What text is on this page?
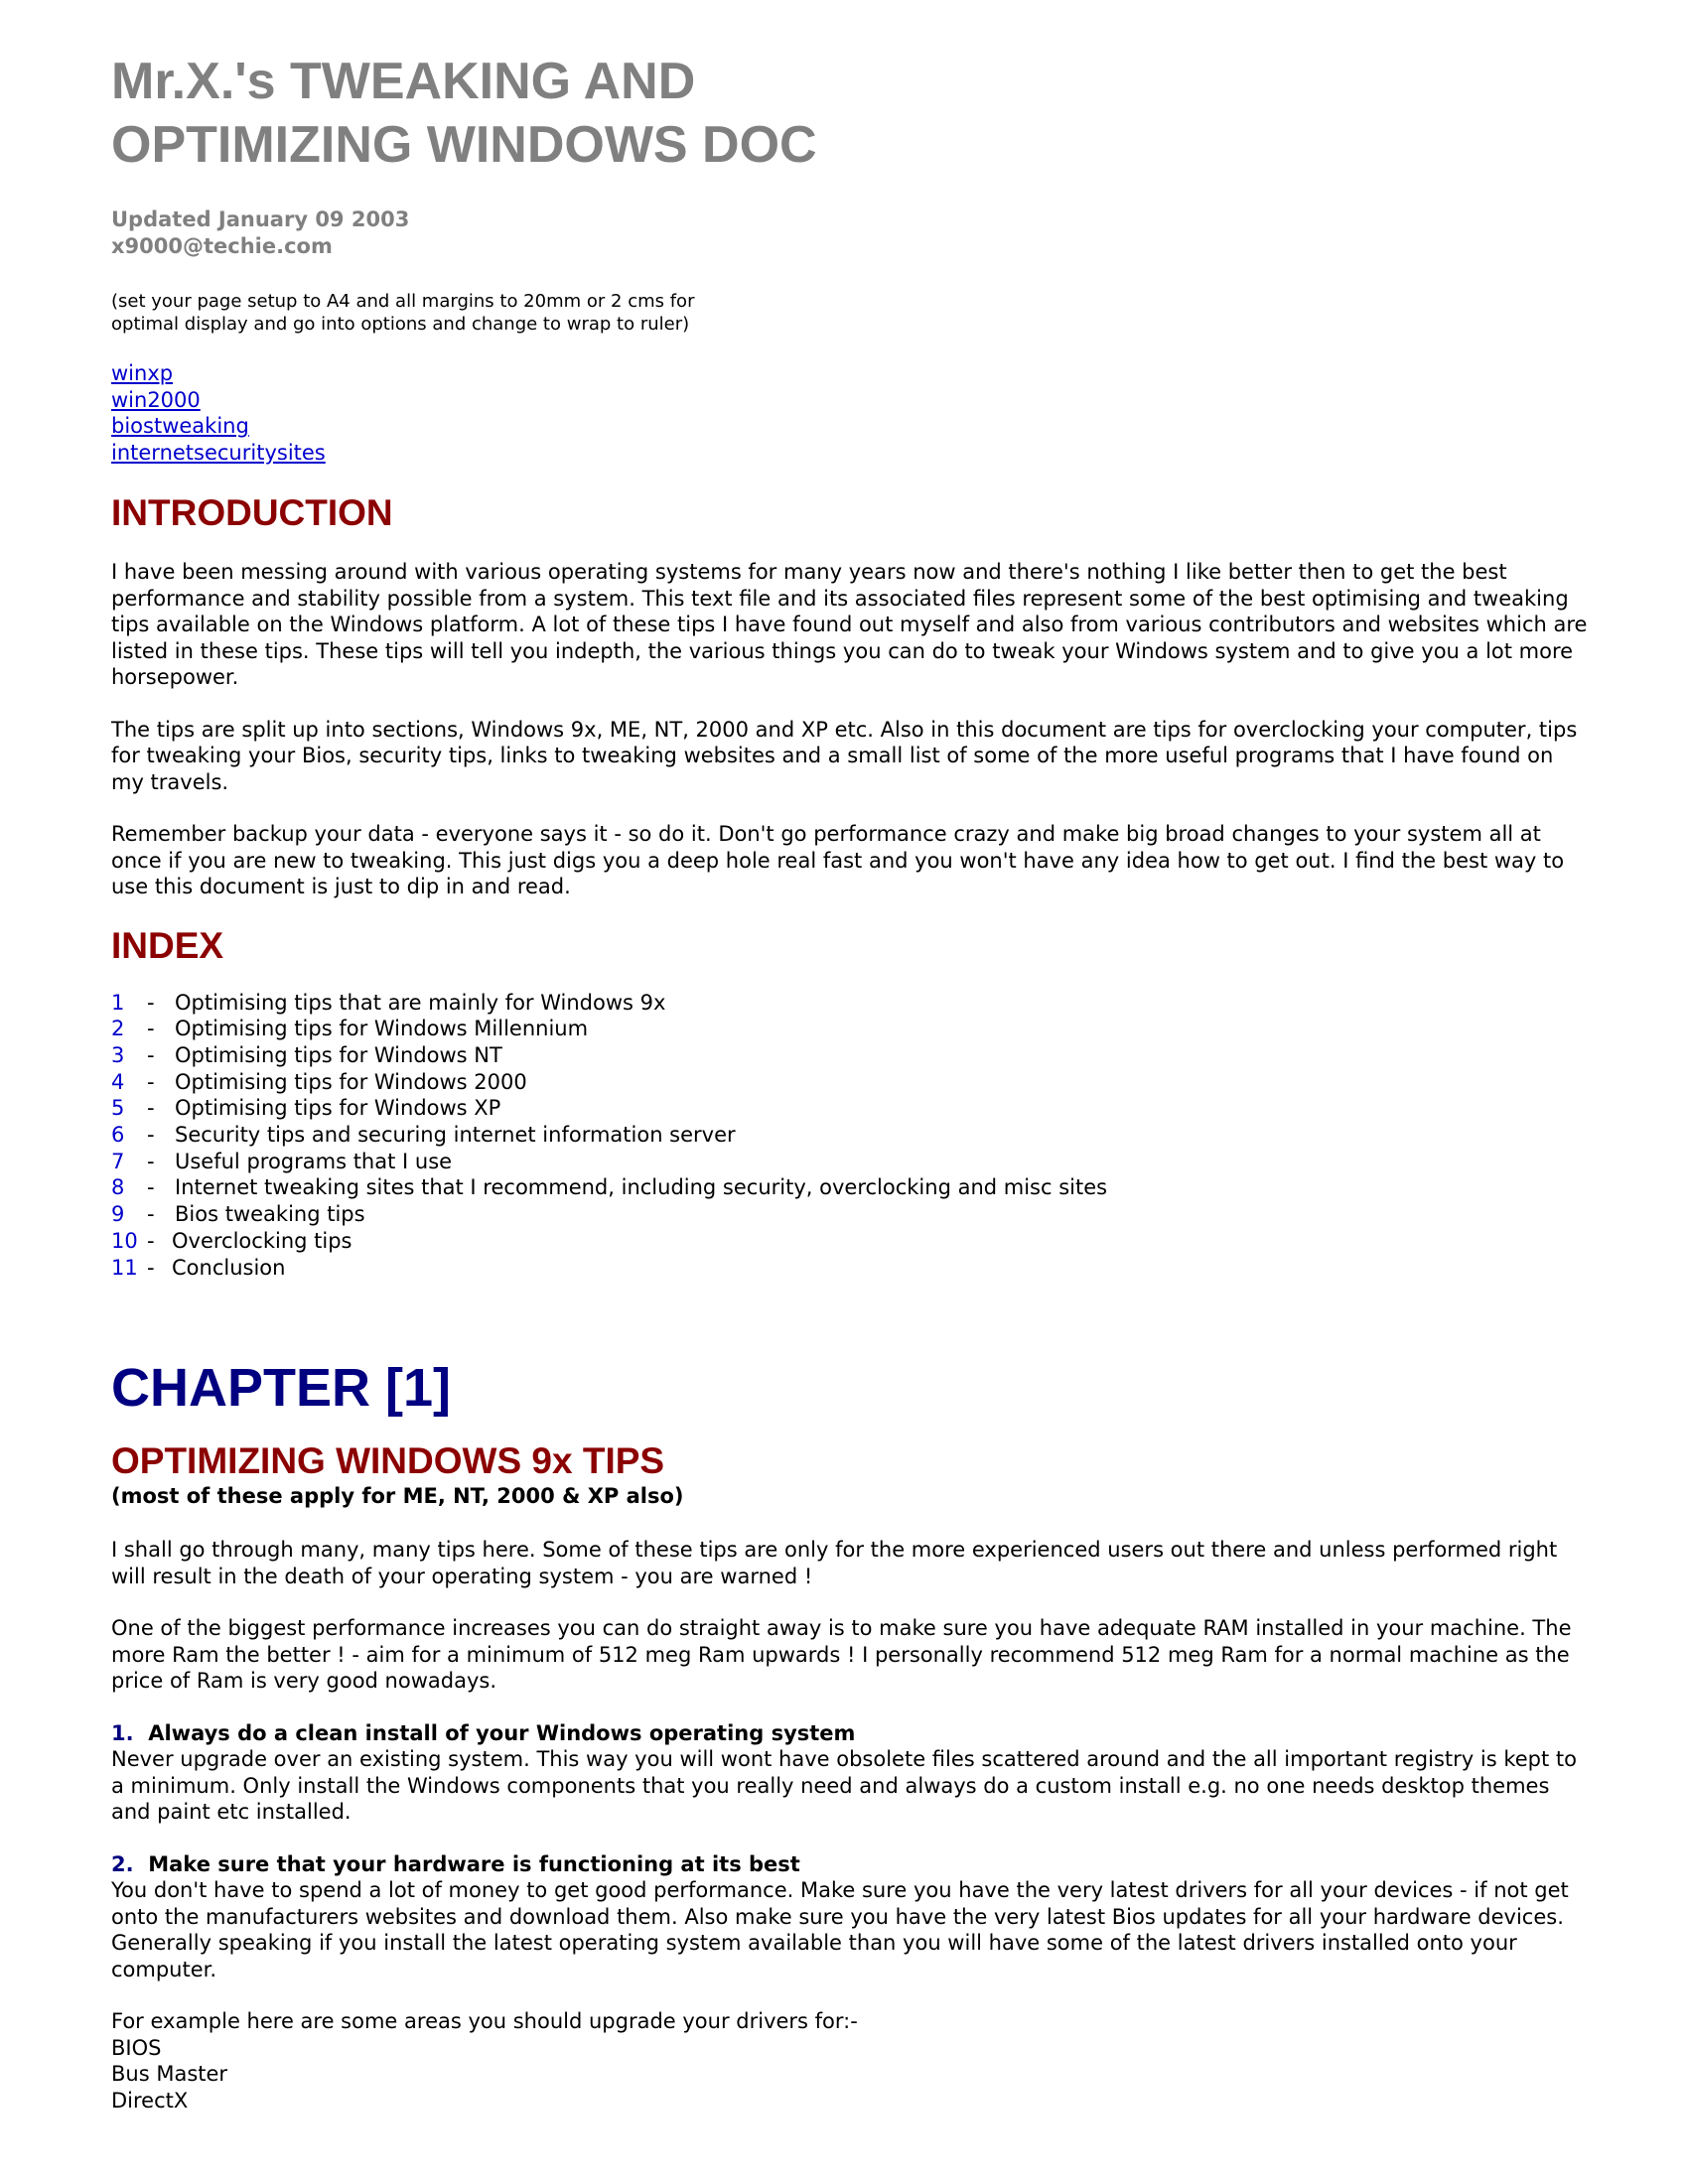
Mr.X.'s TWEAKING AND
OPTIMIZING WINDOWS DOC
Updated January 09 2003
x9000@techie.com
(set your page setup to A4 and all margins to 20mm or 2 cms for
optimal display and go into options and change to wrap to ruler)
winxp
win2000
biostweaking
internetsecuritysites
INTRODUCTION

I have been messing around with various operating systems for many years now and there's nothing I like better then to get the best performance and stability possible from a system. This text file and its associated files represent some of the best optimising and tweaking tips available on the Windows platform. A lot of these tips I have found out myself and also from various contributors and websites which are listed in these tips. These tips will tell you indepth, the various things you can do to tweak your Windows system and to give you a lot more horsepower.

The tips are split up into sections, Windows 9x, ME, NT, 2000 and XP etc. Also in this document are tips for overclocking your computer, tips for tweaking your Bios, security tips, links to tweaking websites and a small list of some of the more useful programs that I have found on my travels.

Remember backup your data - everyone says it - so do it. Don't go performance crazy and make big broad changes to your system all at once if you are new to tweaking. This just digs you a deep hole real fast and you won't have any idea how to get out. I find the best way to use this document is just to dip in and read.

INDEX
1	- Optimising tips that are mainly for Windows 9x
2	- Optimising tips for Windows Millennium
3	- Optimising tips for Windows NT
4	- Optimising tips for Windows 2000
5	- Optimising tips for Windows XP
6	- Security tips and securing internet information server
7	- Useful programs that I use
8	- Internet tweaking sites that I recommend, including security, overclocking and misc sites
9	- Bios tweaking tips
10 - Overclocking tips
11 - Conclusion
CHAPTER [1]
OPTIMIZING WINDOWS 9x TIPS
(most of these apply for ME, NT, 2000 & XP also)

I shall go through many, many tips here. Some of these tips are only for the more experienced users out there and unless performed right will result in the death of your operating system - you are warned !

One of the biggest performance increases you can do straight away is to make sure you have adequate RAM installed in your machine. The more Ram the better ! - aim for a minimum of 512 meg Ram upwards ! I personally recommend 512 meg Ram for a normal machine as the price of Ram is very good nowadays.

1. Always do a clean install of your Windows operating system

Never upgrade over an existing system. This way you will wont have obsolete files scattered around and the all important registry is kept to a minimum. Only install the Windows components that you really need and always do a custom install e.g. no one needs desktop themes and paint etc installed.

2. Make sure that your hardware is functioning at its best

You don't have to spend a lot of money to get good performance. Make sure you have the very latest drivers for all your devices - if not get onto the manufacturers websites and download them. Also make sure you have the very latest Bios updates for all your hardware devices. Generally speaking if you install the latest operating system available than you will have some of the latest drivers installed onto your computer.

For example here are some areas you should upgrade your drivers for:-

BIOS
Bus Master
DirectX
